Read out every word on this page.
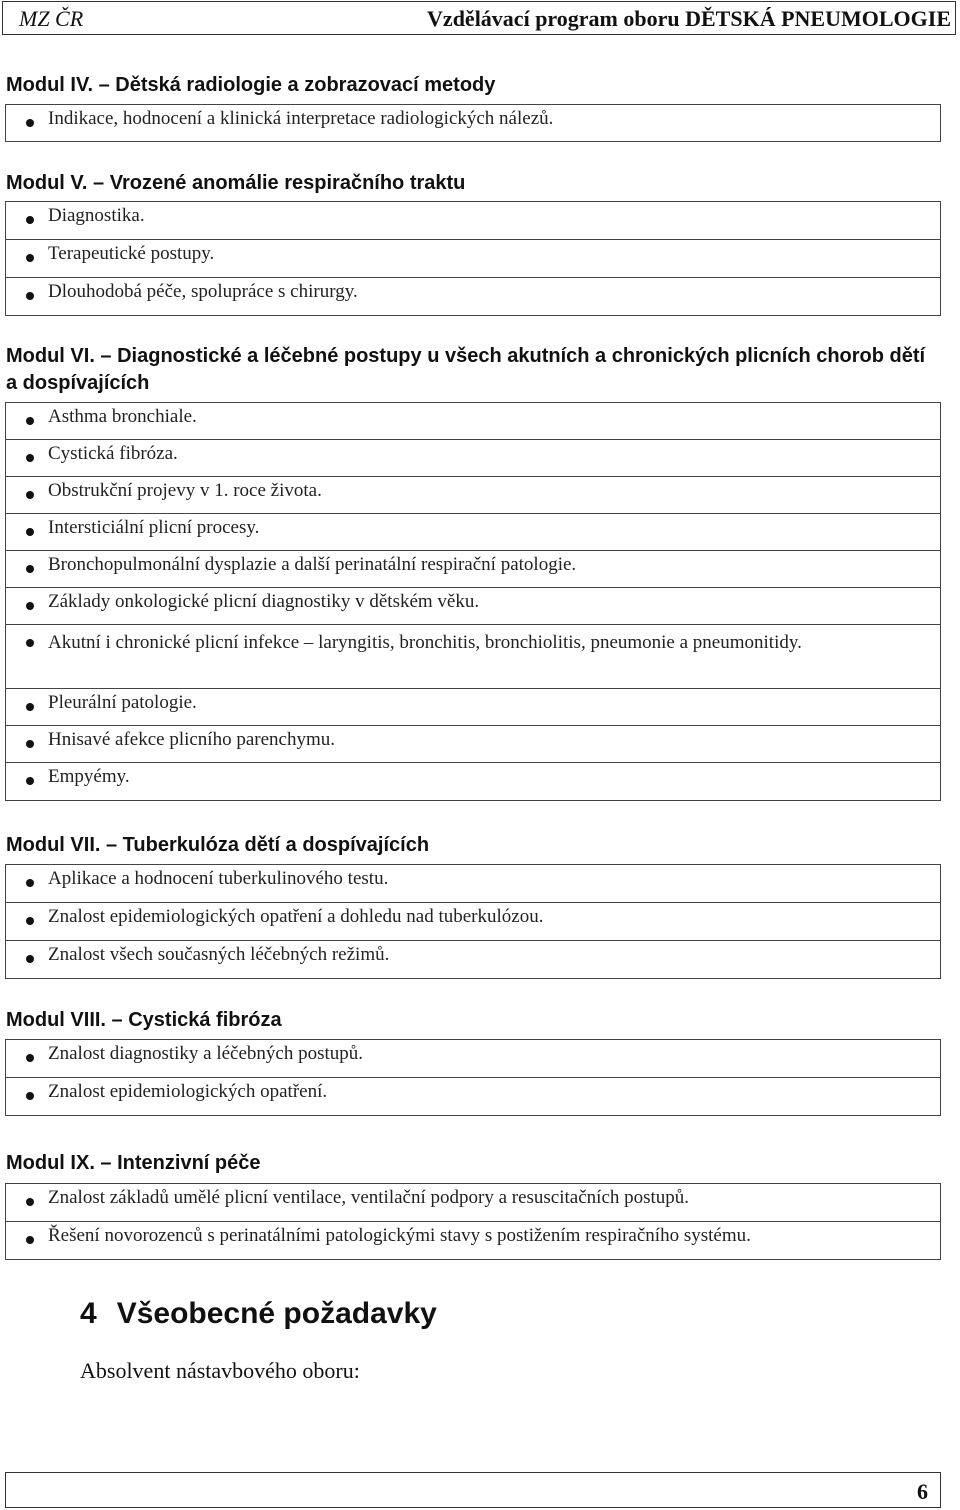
MZ ČR	Vzdělávací program oboru DĚTSKÁ PNEUMOLOGIE

Modul IV. – Dětská radiologie a zobrazovací metody

Indikace, hodnocení a klinická interpretace radiologických nálezů.

Modul V. – Vrozené anomálie respiračního traktu

Diagnostika.

Terapeutické postupy.

Dlouhodobá péče, spolupráce s chirurgy.

Modul VI. – Diagnostické a léčebné postupy u všech akutních a chronických plicních chorob dětí a dospívajících

Asthma bronchiale.

Cystická fibróza.

Obstrukční projevy v 1. roce života.

Intersticiální plicní procesy.

Bronchopulmonální dysplazie a další perinatální respirační patologie.

Základy onkologické plicní diagnostiky v dětském věku.

Akutní i chronické plicní infekce – laryngitis, bronchitis, bronchiolitis, pneumonie a pneumonitidy.

Pleurální patologie.

Hnisavé afekce plicního parenchymu.

Empyémy.

Modul VII. – Tuberkulóza dětí a dospívajících

Aplikace a hodnocení tuberkulinového testu.

Znalost epidemiologických opatření a dohledu nad tuberkulózou.

Znalost všech současných léčebných režimů.

Modul VIII. – Cystická fibróza

Znalost diagnostiky a léčebných postupů.

Znalost epidemiologických opatření.

Modul IX. – Intenzivní péče

Znalost základů umělé plicní ventilace, ventilační podpory a resuscitačních postupů.

Řešení novorozenců s perinatálními patologickými stavy s postižením respiračního systému.
4 Všeobecné požadavky
Absolvent nástavbového oboru:
6
